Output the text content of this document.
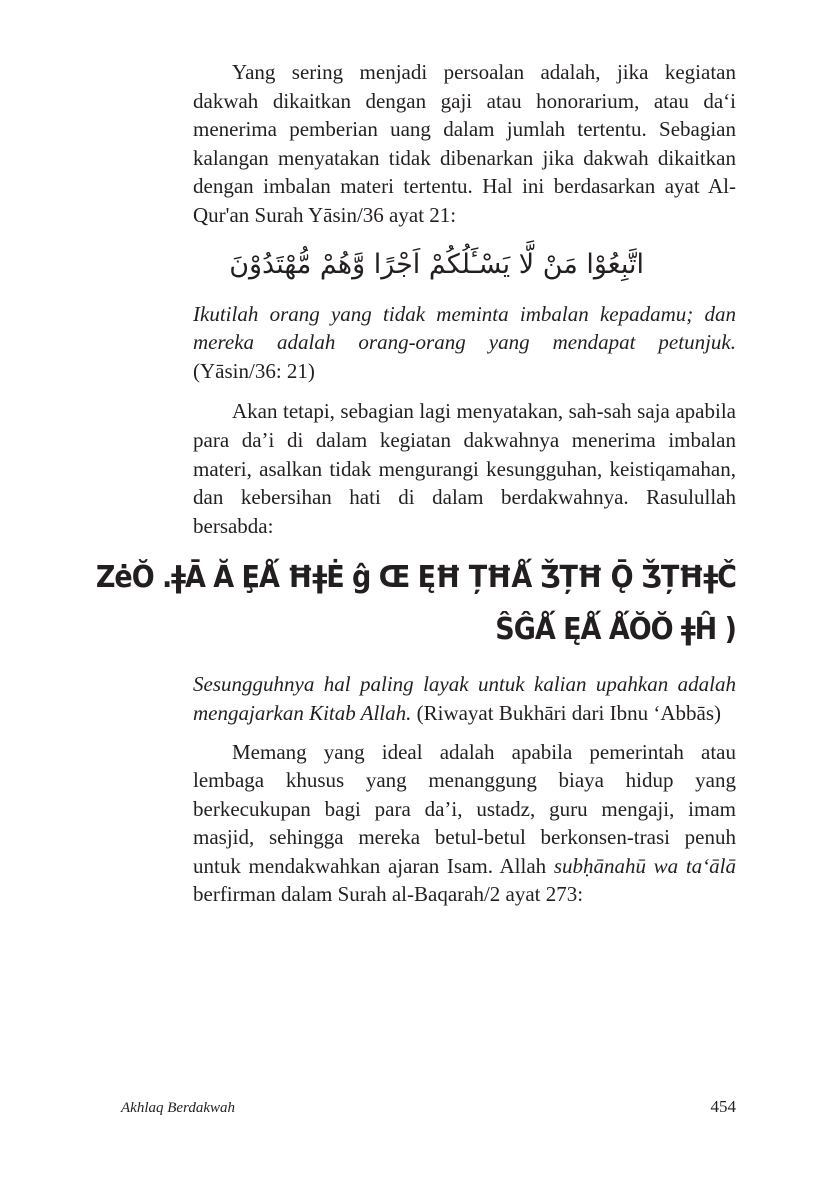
Yang sering menjadi persoalan adalah, jika kegiatan dakwah dikaitkan dengan gaji atau honorarium, atau da‘i menerima pemberian uang dalam jumlah tertentu. Sebagian kalangan menyatakan tidak dibenarkan jika dakwah dikaitkan dengan imbalan materi tertentu. Hal ini berdasarkan ayat Al-Qur'an Surah Yāsin/36 ayat 21:

اتَّبِعُوْا مَنْ لَّا يَسْـَٔلُكُمْ اَجْرًا وَّهُمْ مُّهْتَدُوْنَ

Ikutilah orang yang tidak meminta imbalan kepadamu; dan mereka adalah orang-orang yang mendapat petunjuk. (Yāsin/36: 21)

Akan tetapi, sebagian lagi menyatakan, sah-sah saja apabila para da’i di dalam kegiatan dakwahnya menerima imbalan materi, asalkan tidak mengurangi kesungguhan, keistiqamahan, dan kebersihan hati di dalam berdakwahnya. Rasulullah bersabda:

ZėŎ .ǂĀ Ă ȨǺ ĦǂĖ ĝ Œ ĘĦ ȚĦǺ ǮȚĦ Ǭ ǮȚĦǂČ
( ŜĜǺ ĘǺ ǺŎŎ ǂĤ

Sesungguhnya hal paling layak untuk kalian upahkan adalah mengajarkan Kitab Allah. (Riwayat Bukhāri dari Ibnu ‘Abbās)

Memang yang ideal adalah apabila pemerintah atau lembaga khusus yang menanggung biaya hidup yang berkecukupan bagi para da’i, ustadz, guru mengaji, imam masjid, sehingga mereka betul-betul berkonsen-trasi penuh untuk mendakwahkan ajaran Isam. Allah subḥānahū wa ta‘ālā berfirman dalam Surah al-Baqarah/2 ayat 273:

Akhlaq Berdakwah	454
